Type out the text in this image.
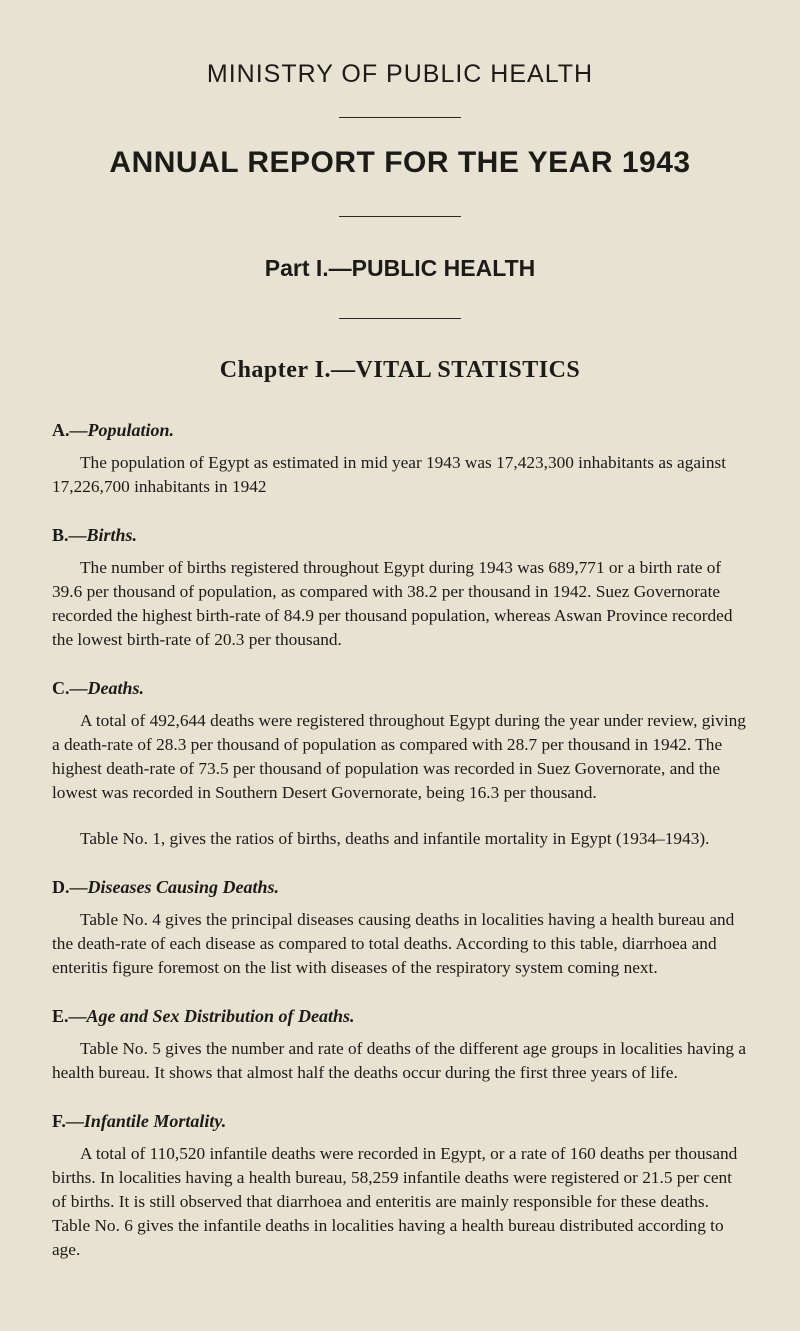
MINISTRY OF PUBLIC HEALTH
ANNUAL REPORT FOR THE YEAR 1943
Part I.—PUBLIC HEALTH
Chapter I.—VITAL STATISTICS

A.—Population.

The population of Egypt as estimated in mid year 1943 was 17,423,300 inhabitants as against 17,226,700 inhabitants in 1942

B.—Births.

The number of births registered throughout Egypt during 1943 was 689,771 or a birth rate of 39.6 per thousand of population, as compared with 38.2 per thousand in 1942. Suez Governorate recorded the highest birth-rate of 84.9 per thousand population, whereas Aswan Province recorded the lowest birth-rate of 20.3 per thousand.

C.—Deaths.

A total of 492,644 deaths were registered throughout Egypt during the year under review, giving a death-rate of 28.3 per thousand of population as compared with 28.7 per thousand in 1942. The highest death-rate of 73.5 per thousand of population was recorded in Suez Governorate, and the lowest was recorded in Southern Desert Governorate, being 16.3 per thousand.

Table No. 1, gives the ratios of births, deaths and infantile mortality in Egypt (1934–1943).

D.—Diseases Causing Deaths.

Table No. 4 gives the principal diseases causing deaths in localities having a health bureau and the death-rate of each disease as compared to total deaths. According to this table, diarrhoea and enteritis figure foremost on the list with diseases of the respiratory system coming next.

E.—Age and Sex Distribution of Deaths.

Table No. 5 gives the number and rate of deaths of the different age groups in localities having a health bureau. It shows that almost half the deaths occur during the first three years of life.

F.—Infantile Mortality.

A total of 110,520 infantile deaths were recorded in Egypt, or a rate of 160 deaths per thousand births. In localities having a health bureau, 58,259 infantile deaths were registered or 21.5 per cent of births. It is still observed that diarrhoea and enteritis are mainly responsible for these deaths. Table No. 6 gives the infantile deaths in localities having a health bureau distributed according to age.
